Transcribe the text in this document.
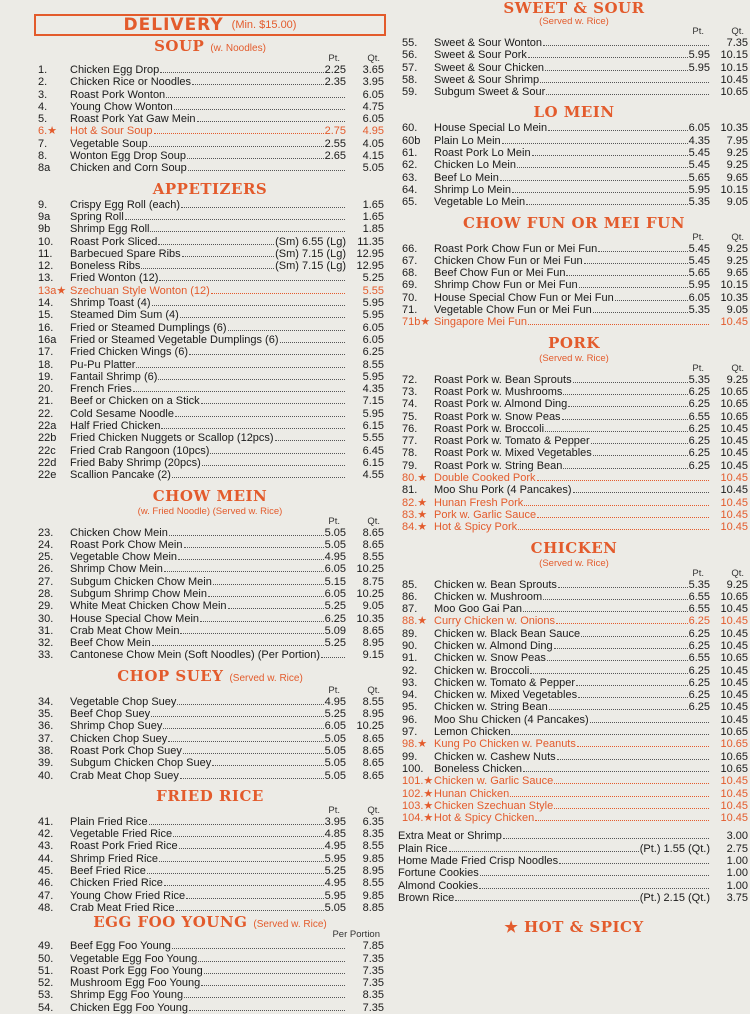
DELIVERY (Min. $15.00)
SOUP (w. Noodles)
Pt.	Qt.
1.	Chicken Egg Drop	2.25	3.65
2.	Chicken Rice or Noodles	2.35	3.95
3.	Roast Pork Wonton	6.05
4.	Young Chow Wonton	4.75
5.	Roast Pork Yat Gaw Mein	6.05
6.★	Hot & Sour Soup	2.75	4.95
7.	Vegetable Soup	2.55	4.05
8.	Wonton Egg Drop Soup	2.65	4.15
8a	Chicken and Corn Soup	5.05
APPETIZERS
9.	Crispy Egg Roll (each)	1.65
9a	Spring Roll	1.65
9b	Shrimp Egg Roll	1.85
10.	Roast Pork Sliced	(Sm) 6.55 (Lg)	11.35
11.	Barbecued Spare Ribs	(Sm) 7.15 (Lg) 12.95
12.	Boneless Ribs	(Sm) 7.15 (Lg) 12.95
13.	Fried Wonton (12)	5.25
13a★ Szechuan Style Wonton (12)	5.55
14.	Shrimp Toast (4)	5.95
15.	Steamed Dim Sum (4)	5.95
16.	Fried or Steamed Dumplings (6)	6.05
16a	Fried or Steamed Vegetable Dumplings (6)	6.05
17.	Fried Chicken Wings (6)	6.25
18.	Pu-Pu Platter	8.55
19.	Fantail Shrimp (6)	5.95
20.	French Fries	4.35
21.	Beef or Chicken on a Stick	7.15
22.	Cold Sesame Noodle	5.95
22a	Half Fried Chicken	6.15
22b	Fried Chicken Nuggets or Scallop (12pcs)	5.55
22c	Fried Crab Rangoon (10pcs)	6.45
22d	Fried Baby Shrimp (20pcs)	6.15
22e	Scallion Pancake (2)	4.55
CHOW MEIN
(w. Fried Noodle) (Served w. Rice)
Pt.	Qt.
23.	Chicken Chow Mein	5.05	8.65
24.	Roast Pork Chow Mein	5.05	8.65
25.	Vegetable Chow Mein	4.95	8.55
26.	Shrimp Chow Mein	6.05 10.25
27.	Subgum Chicken Chow Mein	5.15	8.75
28.	Subgum Shrimp Chow Mein	6.05 10.25
29.	White Meat Chicken Chow Mein	5.25	9.05
30.	House Special Chow Mein	6.25 10.35
31.	Crab Meat Chow Mein	5.09	8.65
32.	Beef Chow Mein	5.25	8.95
33.	Cantonese Chow Mein (Soft Noodles) (Per Portion)	9.15
CHOP SUEY (Served w. Rice)
Pt.	Qt.
34.	Vegetable Chop Suey	4.95	8.55
35.	Beef Chop Suey	5.25	8.95
36.	Shrimp Chop Suey	6.05 10.25
37.	Chicken Chop Suey	5.05	8.65
38.	Roast Pork Chop Suey	5.05	8.65
39.	Subgum Chicken Chop Suey	5.05	8.65
40.	Crab Meat Chop Suey	5.05	8.65
FRIED RICE
Pt.	Qt.
41.	Plain Fried Rice	3.95	6.35
42.	Vegetable Fried Rice	4.85	8.35
43.	Roast Pork Fried Rice	4.95	8.55
44.	Shrimp Fried Rice	5.95	9.85
45.	Beef Fried Rice	5.25	8.95
46.	Chicken Fried Rice	4.95	8.55
47.	Young Chow Fried Rice	5.95	9.85
48.	Crab Meat Fried Rice	5.05	8.85
EGG FOO YOUNG (Served w. Rice)
Per Portion
49.	Beef Egg Foo Young	7.85
50.	Vegetable Egg Foo Young	7.35
51.	Roast Pork Egg Foo Young	7.35
52.	Mushroom Egg Foo Young	7.35
53.	Shrimp Egg Foo Young	8.35
54.	Chicken Egg Foo Young	7.35
SWEET & SOUR
(Served w. Rice)
Pt.	Qt.
55.	Sweet & Sour Wonton	7.35
56.	Sweet & Sour Pork	5.95 10.15
57.	Sweet & Sour Chicken	5.95 10.15
58.	Sweet & Sour Shrimp	10.45
59.	Subgum Sweet & Sour	10.65
LO MEIN
60.	House Special Lo Mein	6.05 10.35
60b	Plain Lo Mein	4.35	7.95
61.	Roast Pork Lo Mein	5.45	9.25
62.	Chicken Lo Mein	5.45	9.25
63.	Beef Lo Mein	5.65	9.65
64.	Shrimp Lo Mein	5.95 10.15
65.	Vegetable Lo Mein	5.35	9.05
CHOW FUN OR MEI FUN
Pt.	Qt.
66.	Roast Pork Chow Fun or Mei Fun	5.45	9.25
67.	Chicken Chow Fun or Mei Fun	5.45	9.25
68.	Beef Chow Fun or Mei Fun	5.65	9.65
69.	Shrimp Chow Fun or Mei Fun	5.95 10.15
70.	House Special Chow Fun or Mei Fun	6.05 10.35
71.	Vegetable Chow Fun or Mei Fun	5.35	9.05
71b★ Singapore Mei Fun	10.45
PORK
(Served w. Rice)
Pt.	Qt.
72.	Roast Pork w. Bean Sprouts	5.35	9.25
73.	Roast Pork w. Mushrooms	6.25 10.65
74.	Roast Pork w. Almond Ding	6.25 10.65
75.	Roast Pork w. Snow Peas	6.55 10.65
76.	Roast Pork w. Broccoli	6.25 10.45
77.	Roast Pork w. Tomato & Pepper	6.25 10.45
78.	Roast Pork w. Mixed Vegetables	6.25 10.45
79.	Roast Pork w. String Bean	6.25 10.45
80.★ Double Cooked Pork	10.45
81.	Moo Shu Pork (4 Pancakes)	10.45
82.★ Hunan Fresh Pork	10.45
83.★ Pork w. Garlic Sauce	10.45
84.★ Hot & Spicy Pork	10.45
CHICKEN
(Served w. Rice)
Pt.	Qt.
85.	Chicken w. Bean Sprouts	5.35	9.25
86.	Chicken w. Mushroom	6.55 10.65
87.	Moo Goo Gai Pan	6.55 10.45
88.★ Curry Chicken w. Onions	6.25 10.45
89.	Chicken w. Black Bean Sauce	6.25 10.45
90.	Chicken w. Almond Ding	6.25 10.45
91.	Chicken w. Snow Peas	6.55 10.65
92.	Chicken w. Broccoli	6.25 10.45
93.	Chicken w. Tomato & Pepper	6.25 10.45
94.	Chicken w. Mixed Vegetables	6.25 10.45
95.	Chicken w. String Bean	6.25 10.45
96.	Moo Shu Chicken (4 Pancakes)	10.45
97.	Lemon Chicken	10.65
98.★ Kung Po Chicken w. Peanuts	10.65
99.	Chicken w. Cashew Nuts	10.65
100. Boneless Chicken	10.65
101.★ Chicken w. Garlic Sauce	10.45
102.★ Hunan Chicken	10.45
103.★ Chicken Szechuan Style	10.45
104.★ Hot & Spicy Chicken	10.45
Extra Meat or Shrimp	3.00
Plain Rice	(Pt.) 1.55 (Qt.)	2.75
Home Made Fried Crisp Noodles	1.00
Fortune Cookies	1.00
Almond Cookies	1.00
Brown Rice	(Pt.) 2.15 (Qt.)	3.75
★ HOT & SPICY
